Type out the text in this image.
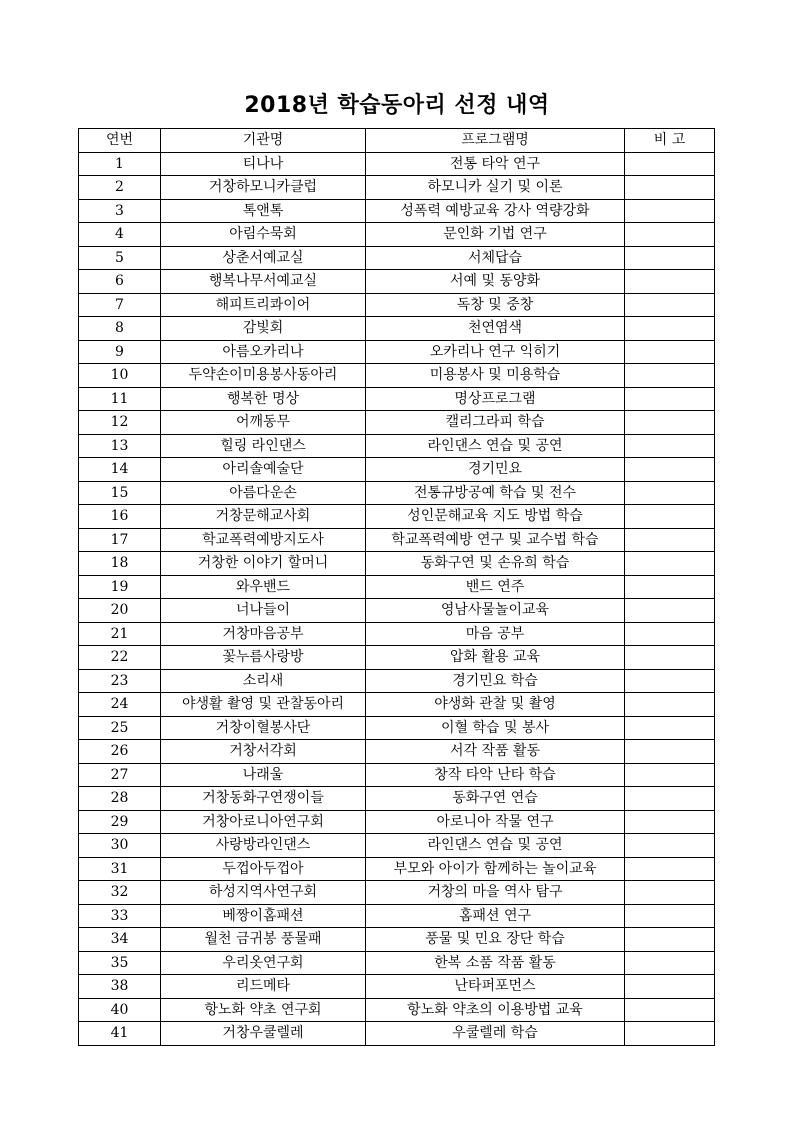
2018년 학습동아리 선정 내역
연번	기관명	프로그램명	비 고
1	티나나	전통 타악 연구	
2	거창하모니카클럽	하모니카 실기 및 이론	
3	톡앤톡	성폭력 예방교육 강사 역량강화	
4	아림수묵회	문인화 기법 연구	
5	상춘서예교실	서체답습	
6	행복나무서예교실	서예 및 동양화	
7	해피트리콰이어	독창 및 중창	
8	감빛회	천연염색	
9	아름오카리나	오카리나 연구 익히기	
10	두약손이미용봉사동아리	미용봉사 및 미용학습	
11	행복한 명상	명상프로그램	
12	어깨동무	캘리그라피 학습	
13	힐링 라인댄스	라인댄스 연습 및 공연	
14	아리솔예술단	경기민요	
15	아름다운손	전통규방공예 학습 및 전수	
16	거창문해교사회	성인문해교육 지도 방법 학습	
17	학교폭력예방지도사	학교폭력예방 연구 및 교수법 학습	
18	거창한 이야기 할머니	동화구연 및 손유희 학습	
19	와우밴드	밴드 연주	
20	너나들이	영남사물놀이교육	
21	거창마음공부	마음 공부	
22	꽃누름사랑방	압화 활용 교육	
23	소리새	경기민요 학습	
24	야생활 촬영 및 관찰동아리	야생화 관찰 및 촬영	
25	거창이혈봉사단	이혈 학습 및 봉사	
26	거창서각회	서각 작품 활동	
27	나래울	창작 타악 난타 학습	
28	거창동화구연쟁이들	동화구연 연습	
29	거창아로니아연구회	아로니아 작물 연구	
30	사랑방라인댄스	라인댄스 연습 및 공연	
31	두껍아두껍아	부모와 아이가 함께하는 놀이교육	
32	하성지역사연구회	거창의 마을 역사 탐구	
33	베짱이홈패션	홈패션 연구	
34	월천 금귀봉 풍물패	풍물 및 민요 장단 학습	
35	우리옷연구회	한복 소품 작품 활동	
38	리드메타	난타퍼포먼스	
40	항노화 약초 연구회	항노화 약초의 이용방법 교육	
41	거창우쿨렐레	우쿨렐레 학습	
